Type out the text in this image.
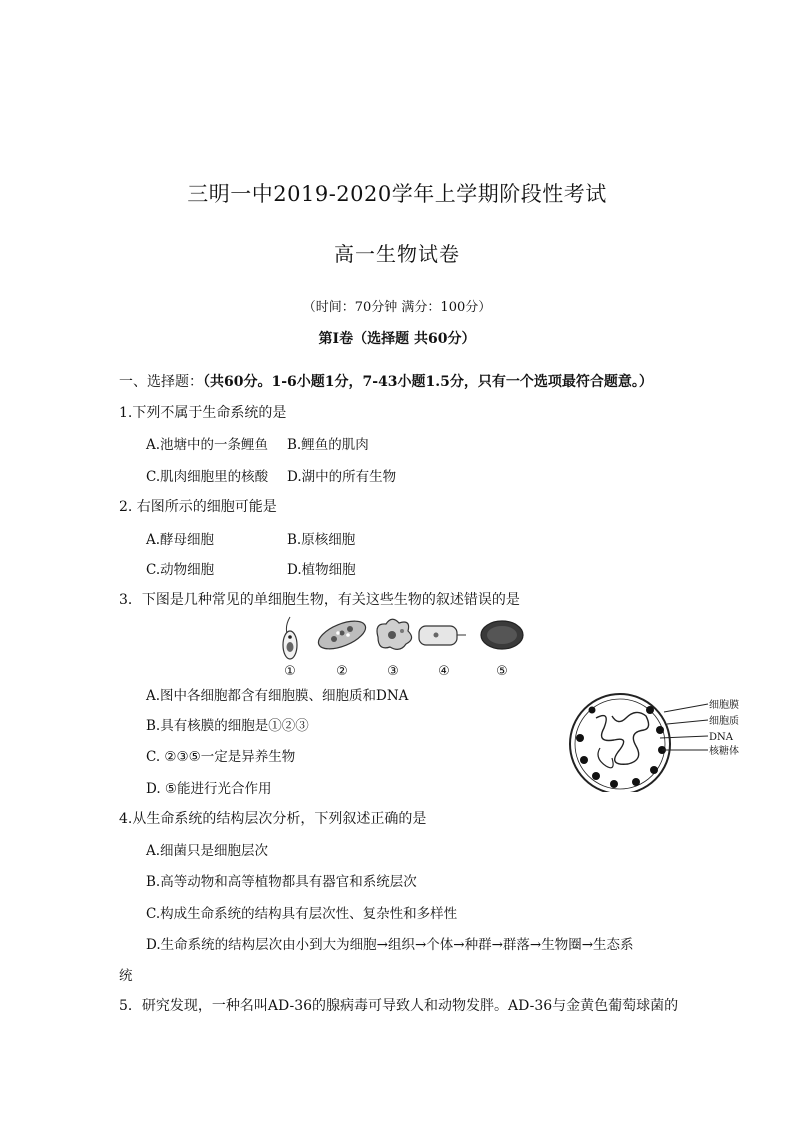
三明一中2019-2020学年上学期阶段性考试
高一生物试卷
（时间：70分钟 满分：100分）
第Ⅰ卷（选择题 共60分）
一、选择题：（共60分。1-6小题1分，7-43小题1.5分，只有一个选项最符合题意。）
1.下列不属于生命系统的是
A.池塘中的一条鲤鱼 B.鲤鱼的肌肉
C.肌肉细胞里的核酸 D.湖中的所有生物
2. 右图所示的细胞可能是
A.酵母细胞	B.原核细胞
C.动物细胞	D.植物细胞
3．下图是几种常见的单细胞生物，有关这些生物的叙述错误的是
①	②	③	④	⑤
A.图中各细胞都含有细胞膜、细胞质和DNA
B.具有核膜的细胞是①②③
C. ②③⑤一定是异养生物
D. ⑤能进行光合作用
细胞膜
细胞质
DNA
核糖体
4.从生命系统的结构层次分析，下列叙述正确的是
A.细菌只是细胞层次
B.高等动物和高等植物都具有器官和系统层次
C.构成生命系统的结构具有层次性、复杂性和多样性
D.生命系统的结构层次由小到大为细胞→组织→个体→种群→群落→生物圈→生态系
统
5．研究发现，一种名叫AD-36的腺病毒可导致人和动物发胖。AD-36与金黄色葡萄球菌的
